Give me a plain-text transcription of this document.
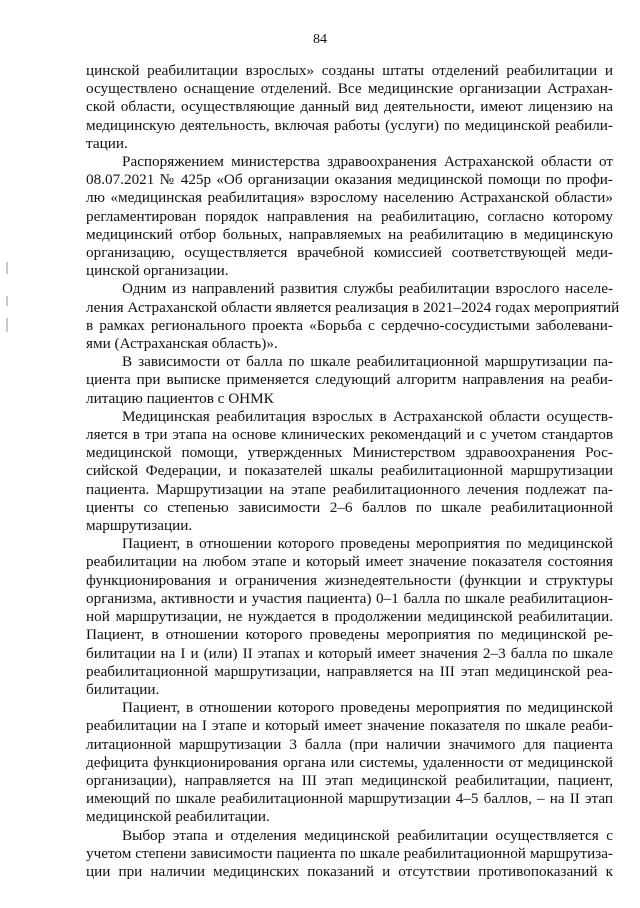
84
цинской реабилитации взрослых» созданы штаты отделений реабилитации и
осуществлено оснащение отделений. Все медицинские организации Астрахан-
ской области, осуществляющие данный вид деятельности, имеют лицензию на
медицинскую деятельность, включая работы (услуги) по медицинской реабили-
тации.
Распоряжением министерства здравоохранения Астраханской области от
08.07.2021 № 425р «Об организации оказания медицинской помощи по профи-
лю «медицинская реабилитация» взрослому населению Астраханской области»
регламентирован порядок направления на реабилитацию, согласно которому
медицинский отбор больных, направляемых на реабилитацию в медицинскую
организацию, осуществляется врачебной комиссией соответствующей меди-
цинской организации.
Одним из направлений развития службы реабилитации взрослого населе-
ления Астраханской области является реализация в 2021–2024 годах мероприятий
в рамках регионального проекта «Борьба с сердечно-сосудистыми заболевани-
ями (Астраханская область)».
В зависимости от балла по шкале реабилитационной маршрутизации па-
циента при выписке применяется следующий алгоритм направления на реаби-
литацию пациентов с ОНМК
Медицинская реабилитация взрослых в Астраханской области осуществ-
ляется в три этапа на основе клинических рекомендаций и с учетом стандартов
медицинской помощи, утвержденных Министерством здравоохранения Рос-
сийской Федерации, и показателей шкалы реабилитационной маршрутизации
пациента. Маршрутизации на этапе реабилитационного лечения подлежат па-
циенты со степенью зависимости 2–6 баллов по шкале реабилитационной
маршрутизации.
Пациент, в отношении которого проведены мероприятия по медицинской
реабилитации на любом этапе и который имеет значение показателя состояния
функционирования и ограничения жизнедеятельности (функции и структуры
организма, активности и участия пациента) 0–1 балла по шкале реабилитацион-
ной маршрутизации, не нуждается в продолжении медицинской реабилитации.
Пациент, в отношении которого проведены мероприятия по медицинской ре-
билитации на I и (или) II этапах и который имеет значения 2–3 балла по шкале
реабилитационной маршрутизации, направляется на III этап медицинской реа-
билитации.
Пациент, в отношении которого проведены мероприятия по медицинской
реабилитации на I этапе и который имеет значение показателя по шкале реаби-
литационной маршрутизации 3 балла (при наличии значимого для пациента
дефицита функционирования органа или системы, удаленности от медицинской
организации), направляется на III этап медицинской реабилитации, пациент,
имеющий по шкале реабилитационной маршрутизации 4–5 баллов, – на II этап
медицинской реабилитации.
Выбор этапа и отделения медицинской реабилитации осуществляется с
учетом степени зависимости пациента по шкале реабилитационной маршрутиза-
ции при наличии медицинских показаний и отсутствии противопоказаний к
